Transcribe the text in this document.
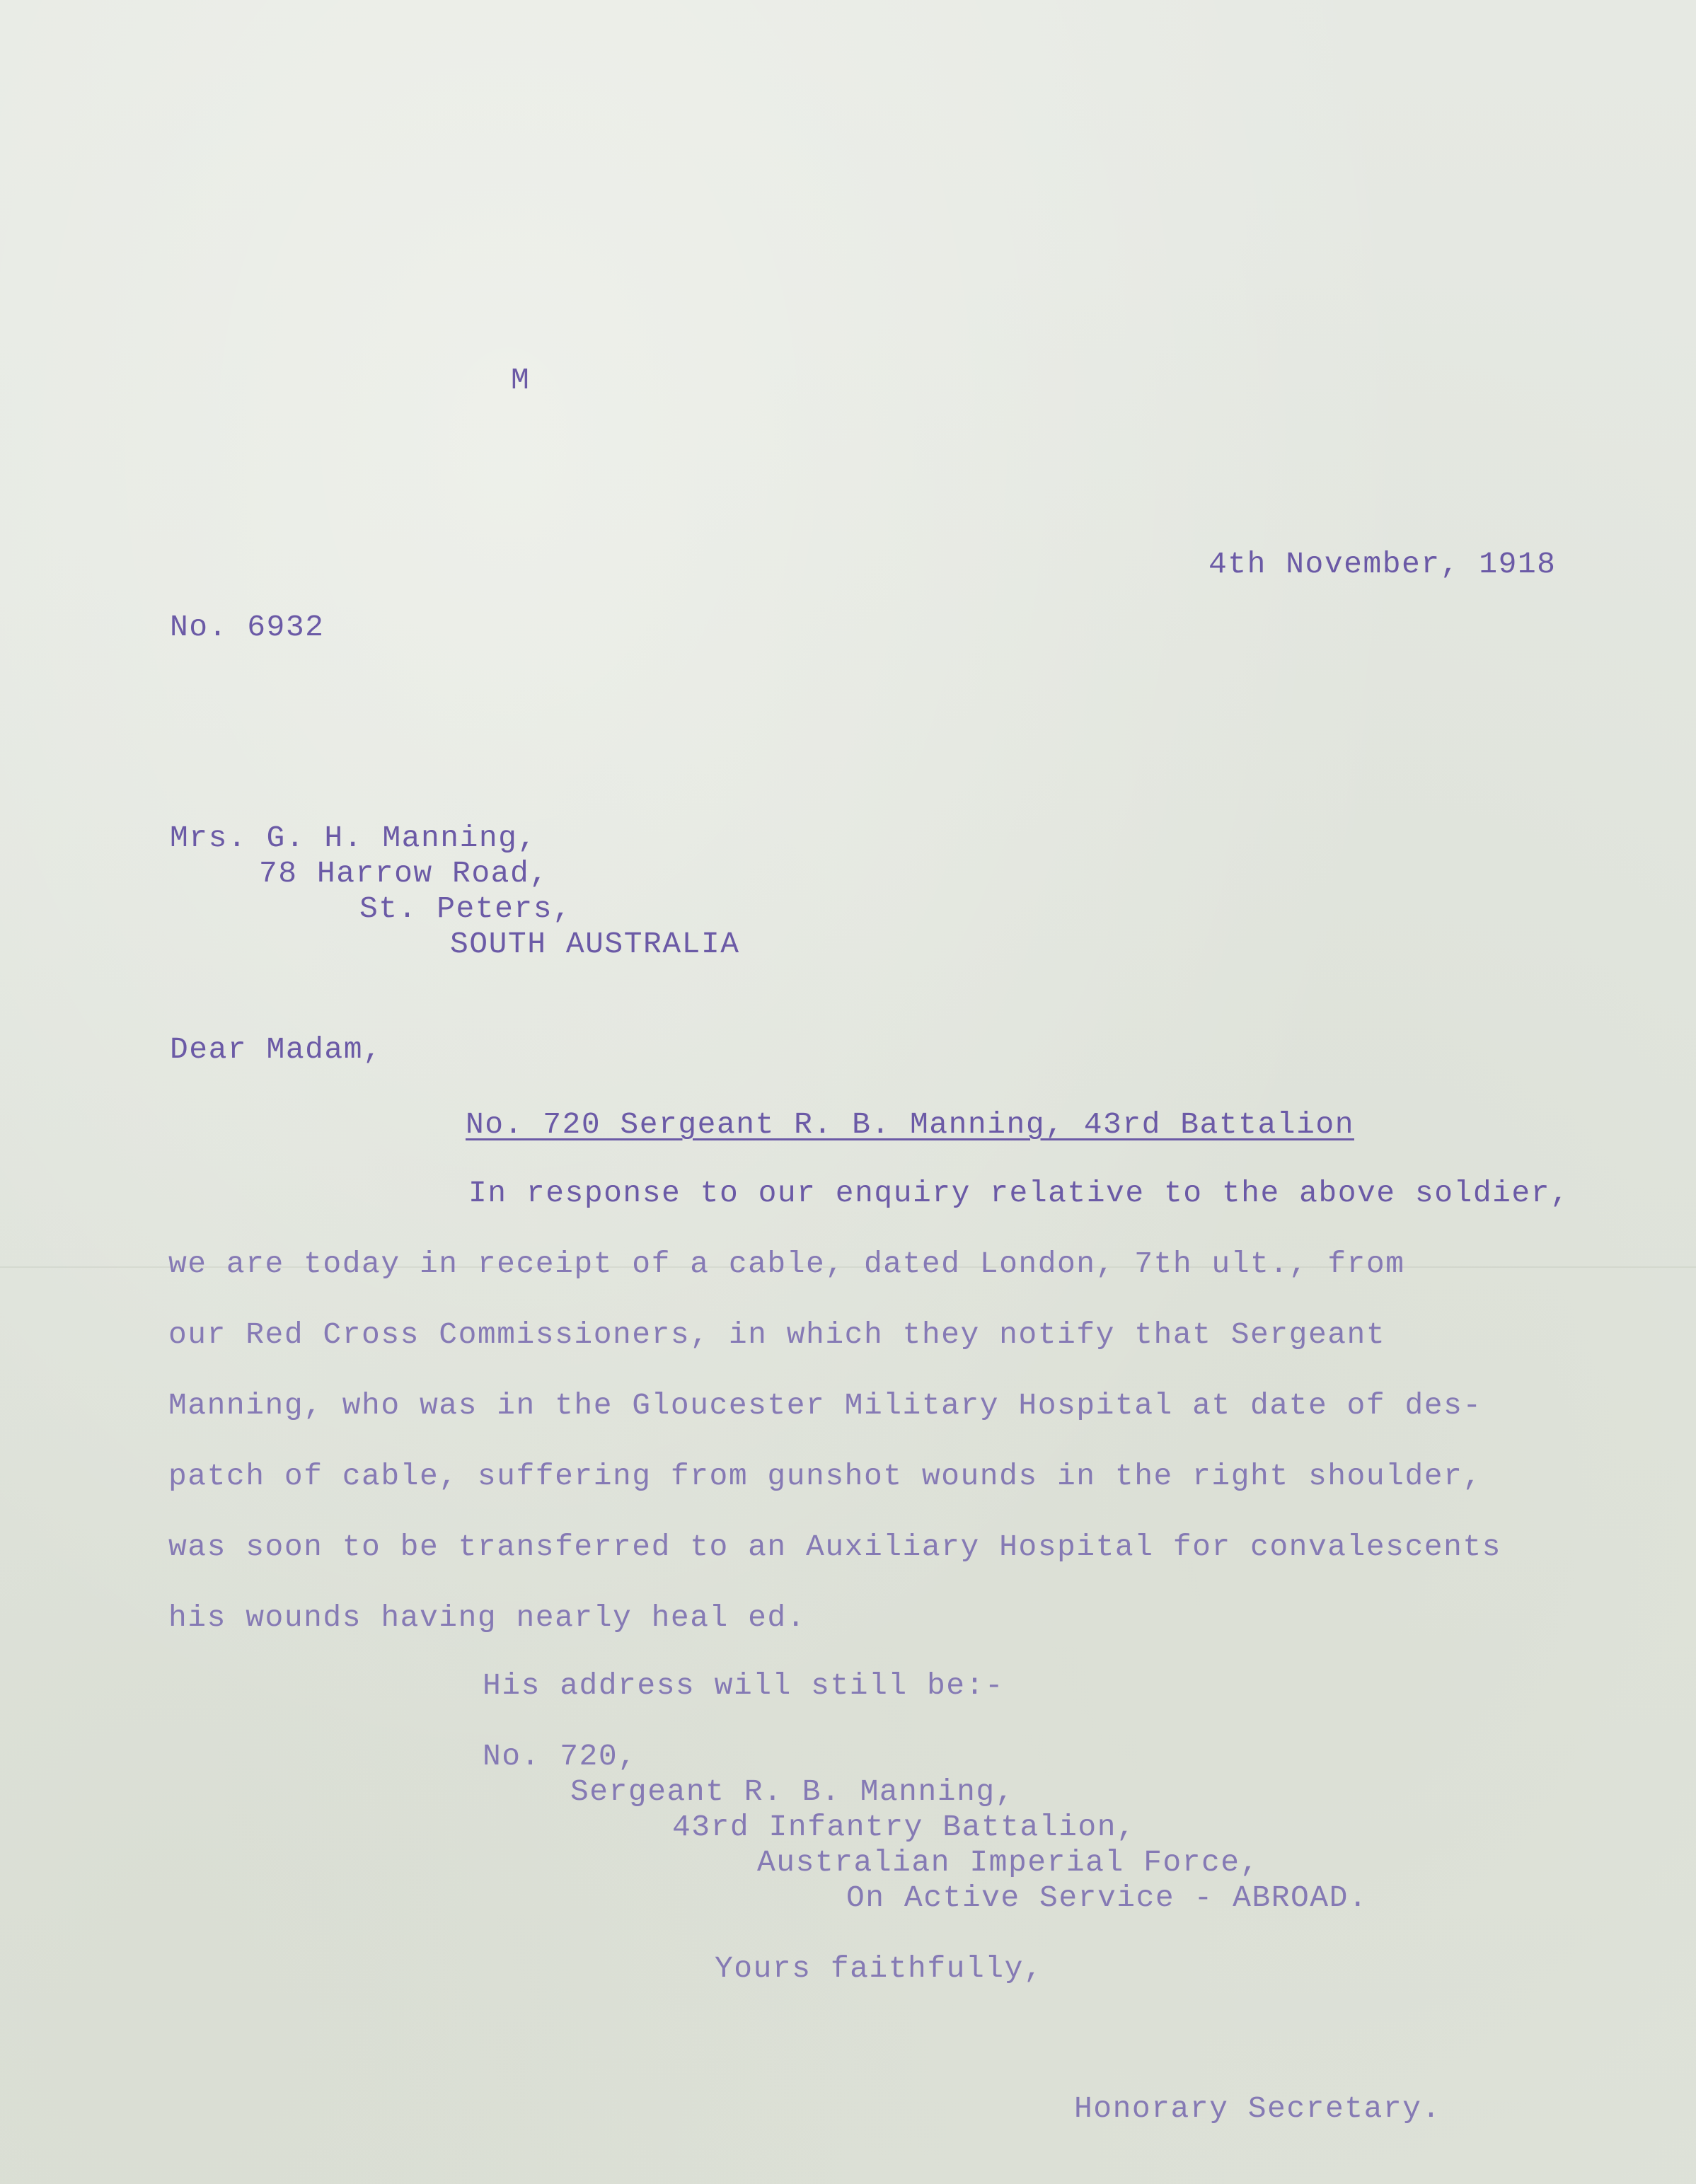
M
4th November, 1918
No. 6932
Mrs. G. H. Manning,
78 Harrow Road,
St. Peters,
SOUTH AUSTRALIA
Dear Madam,
No. 720 Sergeant R. B. Manning, 43rd Battalion
In response to our enquiry relative to the above soldier,
we are today in receipt of a cable, dated London, 7th ult., from
our Red Cross Commissioners, in which they notify that Sergeant
Manning, who was in the Gloucester Military Hospital at date of des-
patch of cable, suffering from gunshot wounds in the right shoulder,
was soon to be transferred to an Auxiliary Hospital for convalescents
his wounds having nearly heal ed.
His address will still be:-
No. 720,
Sergeant R. B. Manning,
43rd Infantry Battalion,
Australian Imperial Force,
On Active Service - ABROAD.
Yours faithfully,
Honorary Secretary.
